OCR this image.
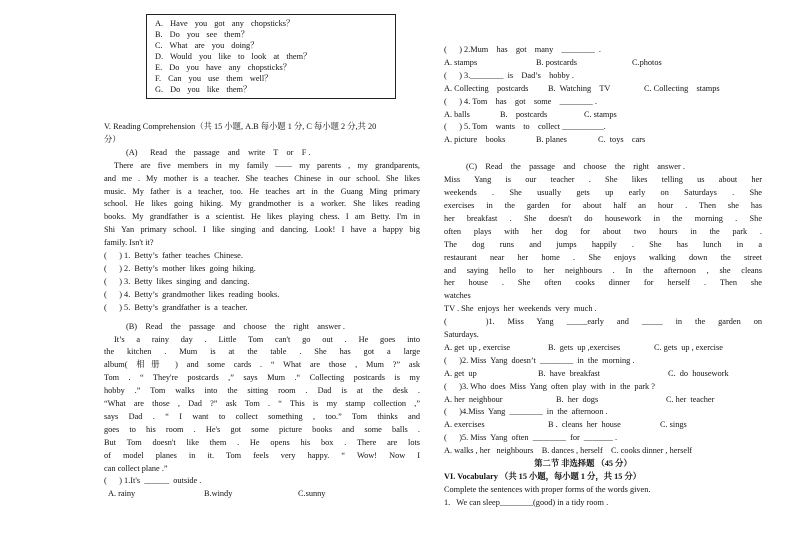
A. Have you got any chopsticks？
B. Do you see them？
C. What are you doing？
D. Would you like to look at them？
E. Do you have any chopsticks？
F. Can you use them well？
G. Do you like them？
V. Reading Comprehension（共 15 小题, A.B 每小题 1 分, C 每小题 2 分,共 20
分）
(A)      Read    the    passage    and    write    T    or    F .
There are five members in my family —— my parents , my grandparents,
and me . My mother is a teacher. She teaches Chinese in our school. She likes
music. My father is a teacher, too. He teaches art in the Guang Ming primary
school. He likes going hiking. My grandmother is a worker. She likes reading
books. My grandfather is a scientist. He likes playing chess. I am Betty. I'm in
Shi Yan primary school. I like singing and dancing. Look! I have a happy big
family. Isn't it?
(      ) 1.  Betty’s  father  teaches  Chinese.
(      ) 2.  Betty’s  mother  likes  going  hiking.
(      ) 3.  Betty  likes  singing  and  dancing.
(      ) 4.  Betty’s  grandmother  likes  reading  books.
(      ) 5.  Betty’s  grandfather  is  a  teacher.
(B)    Read    the    passage    and    choose    the    right    answer .
It’s a rainy day . Little Tom can't go out . He goes into
the kitchen . Mum is at the table . She has got a large
album( 相册 ) and some cards . “ What are those , Mum ?” ask
Tom . “ They're postcards ,” says Mum .“ Collecting postcards is my
hobby .” Tom walks into the sitting room . Dad is at the desk .
“What are those , Dad ?” ask Tom . “ This is my stamp collection ,”
says Dad . “ I want to collect something , too.” Tom thinks and
goes to his room . He's got some picture books and some balls .
But Tom doesn't like them . He opens his box . There are lots
of model planes in it. Tom feels very happy. “ Wow! Now I
can collect plane .”
(      ) 1.It's  ______  outside .
A. rainy	B.windy	C.sunny
(      ) 2.Mum    has    got    many    ________  .
A. stamps	B. postcards	C.photos
(      ) 3.________  is    Dad’s    hobby .
A. Collecting    postcards	B.  Watching    TV	C. Collecting    stamps
(      ) 4. Tom    has    got    some    ________ .
A. balls	B.    postcards	C. stamps
(      ) 5. Tom    wants    to    collect __________.
A. picture    books	B. planes	C.  toys    cars
(C)    Read    the    passage    and    choose    the    right    answer .
Miss Yang is our teacher . She likes telling us about her
weekends . She usually gets up early on Saturdays . She
exercises in the garden for about half an hour . Then she has
her breakfast . She doesn't do housework in the morning . She
often plays with her dog for about two hours in the park .
The dog runs and jumps happily . She has lunch in a
restaurant near her home . She enjoys walking down the street
and saying hello to her neighbours . In the afternoon , she cleans
her house . She often cooks dinner for herself . Then she
watches
TV . She  enjoys  her  weekends  very  much .
(      )1.  Miss  Yang  _____early  and  _____  in  the  garden  on
Saturdays.
A. get  up , exercise	B.  gets  up ,exercises	C. gets  up , exercise
(      )2. Miss  Yang  doesn’t  ________  in  the  morning .
A. get  up	B.  have  breakfast	C.  do  housework
(      )3. Who  does  Miss  Yang  often  play  with  in  the  park ?
A. her  neighbour	B.  her  dogs	C. her  teacher
(      )4.Miss  Yang  ________  in  the  afternoon .
A. exercises	B .  cleans  her  house	C. sings
(      )5. Miss  Yang  often  ________  for  _______ .
A. walks , her   neighbours    B. dances , herself    C. cooks dinner , herself
第二节 非选择题 （45 分）
VI. Vocabulary （共 15 小题，每小题 1 分，共 15 分）
Complete the sentences with proper forms of the words given.
1.   We can sleep________(good) in a tidy room .
